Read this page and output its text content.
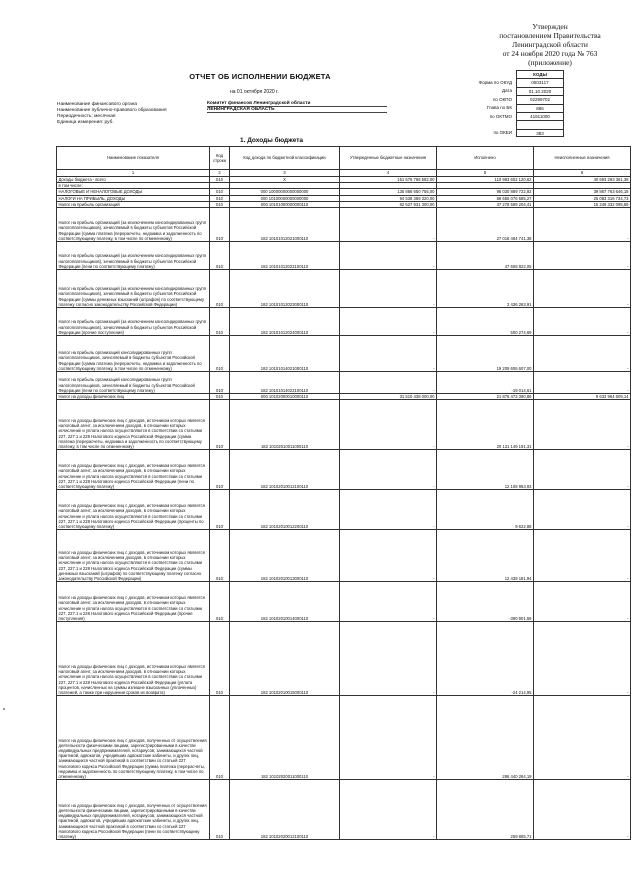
Утвержден
постановлением Правительства
Ленинградской области
от 24 ноября 2020 года № 763
(приложение)
ОТЧЕТ ОБ ИСПОЛНЕНИИ БЮДЖЕТА
на 01 октября 2020 г.
КОДЫ
Форма по ОКУД	0503117
Дата	01.10.2020
по ОКПО	02299702
Глава по БК	886
по ОКТМО	41911000
по ОКЕИ	383
Наименование финансового органа	Комитет финансов Ленинградской области
Наименование публично-правового образования	ЛЕНИНГРАДСКАЯ ОБЛАСТЬ
Периодичность: месячная
Единица измерения: руб.
1. Доходы бюджета
Наименование показателя	Код строки	Код дохода по бюджетной классификации	Утвержденные бюджетные назначения	Исполнено	Неисполненные назначения
1	2	3	4	5	6
Доходы бюджета - всего	010	X	151 576 796 582,00	110 983 602 120,62	40 693 293 361,38
в том числе:					
НАЛОГОВЫЕ И НЕНАЛОГОВЫЕ ДОХОДЫ	010	000 10000000000000000	135 886 650 755,00	96 030 889 722,92	39 867 763 646,18
НАЛОГИ НА ПРИБЫЛЬ, ДОХОДЫ	010	000 10100000000000000	94 538 369 320,00	68 655 076 585,27	25 083 316 734,73
Налог на прибыль организаций	010	000 10101000000000110	62 527 931 300,00	47 278 599 204,41	15 249 332 095,59
Налог на прибыль организаций (за исключением консолидированных групп налогоплательщиков), зачисляемый в бюджеты субъектов Российской Федерации (сумма платежа (перерасчеты, недоимка и задолженность по соответствующему платежу, в том числе по отмененному)	010	182 10101012021000110	-	27 018 464 741,38	-
Налог на прибыль организаций (за исключением консолидированных групп налогоплательщиков), зачисляемый в бюджеты субъектов Российской Федерации (пени по соответствующему платежу)	010	182 10101012022100110	-	47 608 822,05	-
Налог на прибыль организаций (за исключением консолидированных групп налогоплательщиков), зачисляемый в бюджеты субъектов Российской Федерации (суммы денежных взысканий (штрафов) по соответствующему платежу согласно законодательству Российской Федерации)	010	182 10101012023000110	-	2 436 263,91	-
Налог на прибыль организаций (за исключением консолидированных групп налогоплательщиков), зачисляемый в бюджеты субъектов Российской Федерации (прочие поступления)	010	182 10101012024000110	-	500 274,69	-
Налог на прибыль организаций консолидированных групп налогоплательщиков, зачисляемый в бюджеты субъектов Российской Федерации (сумма платежа (перерасчеты, недоимка и задолженность по соответствующему платежу, в том числе по отмененному)	010	182 10101014021000110	-	19 209 606 607,00	-
Налог на прибыль организаций консолидированных групп налогоплательщиков, зачисляемый в бюджеты субъектов Российской Федерации (пени по соответствующему платежу)	010	182 10101014022100110	-	-19 014,61	-
Налог на доходы физических лиц	010	000 10102000010000110	31 510 438 000,00	21 876 473 390,86	9 633 964 609,14
Налог на доходы физических лиц с доходов, источником которых является налоговый агент, за исключением доходов, в отношении которых исчисление и уплата налога осуществляются в соответствии со статьями 227, 227.1 и 228 Налогового кодекса Российской Федерации (сумма платежа (перерасчеты, недоимка и задолженность по соответствующему платежу, в том числе по отмененному)	010	182 10102010011000110	-	20 131 149 191,31	-
Налог на доходы физических лиц с доходов, источником которых является налоговый агент, за исключением доходов, в отношении которых исчисление и уплата налога осуществляются в соответствии со статьями 227, 227.1 и 228 Налогового кодекса Российской Федерации (пени по соответствующему платежу)	010	182 10102010012100110	-	12 108 953,93	-
Налог на доходы физических лиц с доходов, источником которых является налоговый агент, за исключением доходов, в отношении которых исчисление и уплата налога осуществляются в соответствии со статьями 227, 227.1 и 228 Налогового кодекса Российской Федерации (проценты по соответствующему платежу)	010	182 10102010012200110	-	9 622,88	-
Налог на доходы физических лиц с доходов, источником которых является налоговый агент, за исключением доходов, в отношении которых исчисление и уплата налога осуществляются в соответствии со статьями 227, 227.1 и 228 Налогового кодекса Российской Федерации (суммы денежных взысканий (штрафов) по соответствующему платежу согласно законодательству Российской Федерации)	010	182 10102010013000110	-	12 439 181,94	-
Налог на доходы физических лиц с доходов, источником которых является налоговый агент, за исключением доходов, в отношении которых исчисление и уплата налога осуществляются в соответствии со статьями 227, 227.1 и 228 Налогового кодекса Российской Федерации (прочие поступления)	010	182 10102010014000110	-	-390 901,56	-
Налог на доходы физических лиц с доходов, источником которых является налоговый агент, за исключением доходов, в отношении которых исчисление и уплата налога осуществляются в соответствии со статьями 227, 227.1 и 228 Налогового кодекса Российской Федерации (уплата процентов, начисленных на суммы излишне взысканных (уплаченных) платежей, а также при нарушении сроков их возврата)	010	182 10102010015000110	-	-24 214,95	-
Налог на доходы физических лиц с доходов, полученных от осуществления деятельности физическими лицами, зарегистрированными в качестве индивидуальных предпринимателей, нотариусов, занимающихся частной практикой, адвокатов, учредивших адвокатские кабинеты, и других лиц, занимающихся частной практикой в соответствии со статьей 227 Налогового кодекса Российской Федерации (сумма платежа (перерасчеты, недоимка и задолженность по соответствующему платежу, в том числе по отмененному)	010	182 10102020011000110	-	286 440 264,19	-
Налог на доходы физических лиц с доходов, полученных от осуществления деятельности физическими лицами, зарегистрированными в качестве индивидуальных предпринимателей, нотариусов, занимающихся частной практикой, адвокатов, учредивших адвокатские кабинеты, и других лиц, занимающихся частной практикой в соответствии со статьей 227 Налогового кодекса Российской Федерации (пени по соответствующему платежу)	010	182 10102020012100110	-	259 885,71	-
